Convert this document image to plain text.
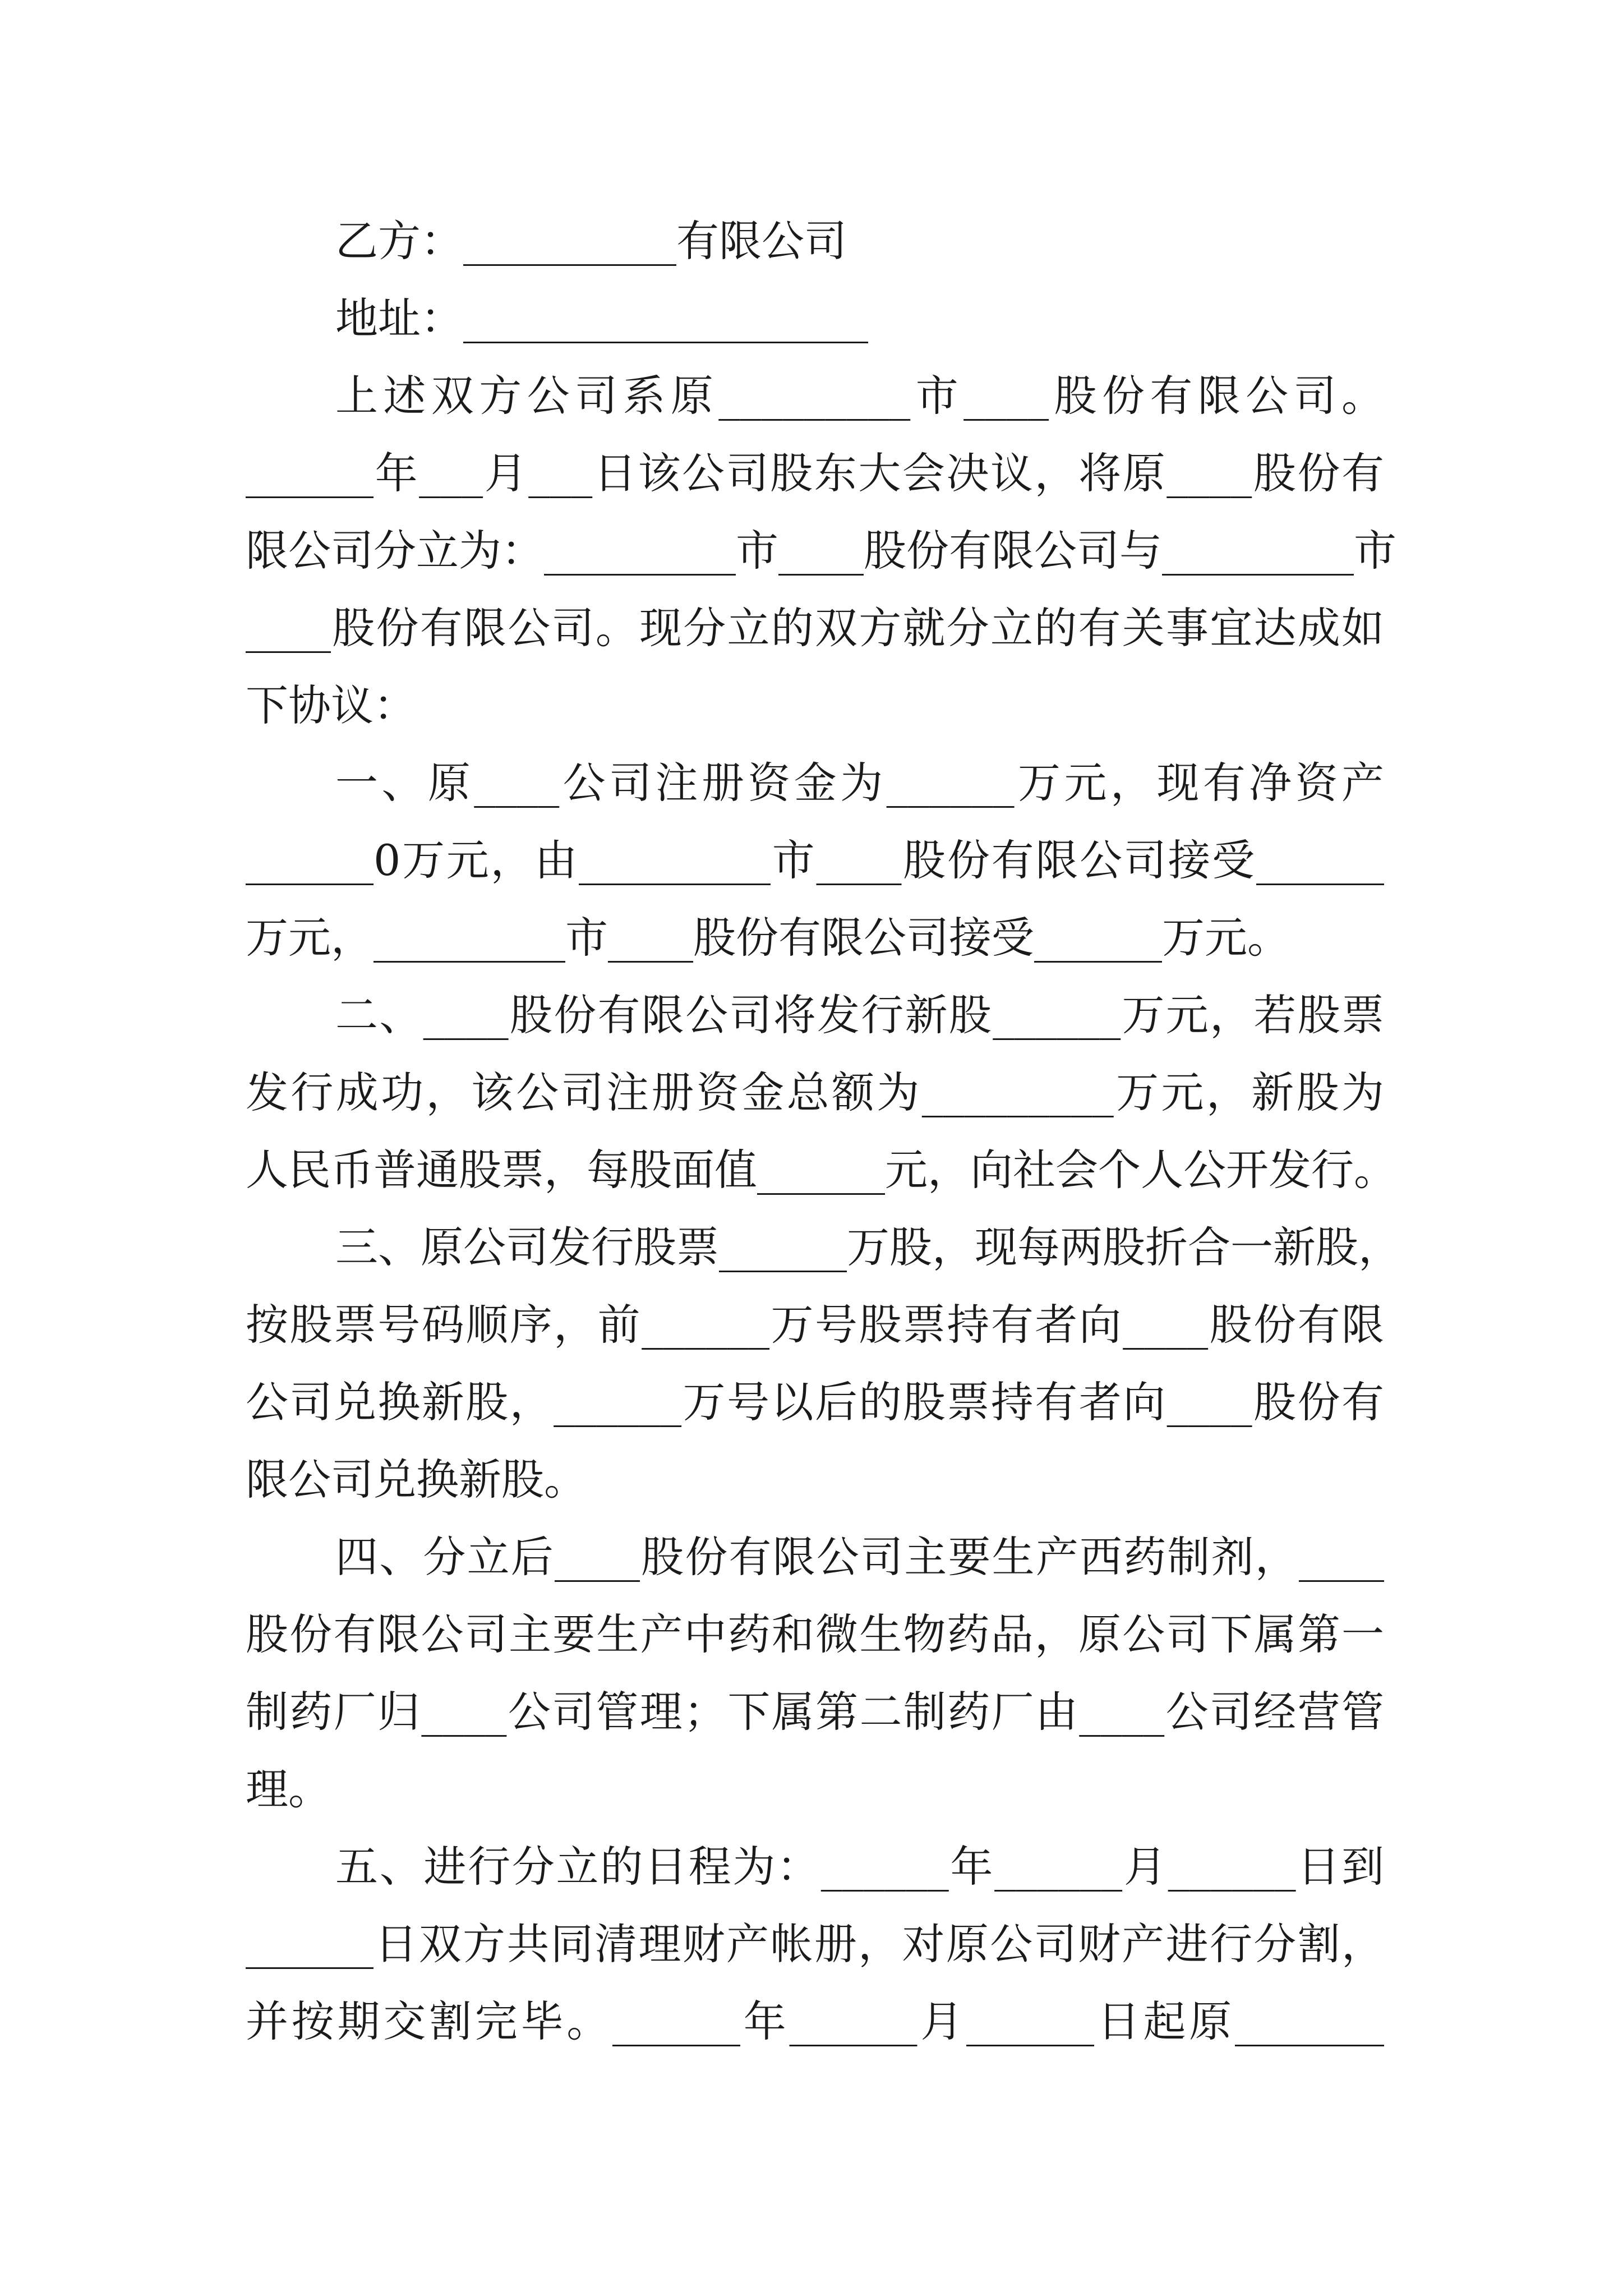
乙方：__________有限公司
地址：___________________
上述双方公司系原_________市____股份有限公司。
______年___月___日该公司股东大会决议，将原____股份有
限公司分立为：_________市____股份有限公司与_________市
____股份有限公司。现分立的双方就分立的有关事宜达成如
下协议：
一、原____公司注册资金为______万元，现有净资产
______0万元，由_________市____股份有限公司接受______
万元，_________市____股份有限公司接受______万元。
二、____股份有限公司将发行新股______万元，若股票
发行成功，该公司注册资金总额为_________万元，新股为
人民币普通股票，每股面值______元，向社会个人公开发行。
三、原公司发行股票______万股，现每两股折合一新股，
按股票号码顺序，前______万号股票持有者向____股份有限
公司兑换新股，______万号以后的股票持有者向____股份有
限公司兑换新股。
四、分立后____股份有限公司主要生产西药制剂，____
股份有限公司主要生产中药和微生物药品，原公司下属第一
制药厂归____公司管理；下属第二制药厂由____公司经营管
理。
五、进行分立的日程为：______年______月______日到
______日双方共同清理财产帐册，对原公司财产进行分割，
并按期交割完毕。______年______月______日起原_______
